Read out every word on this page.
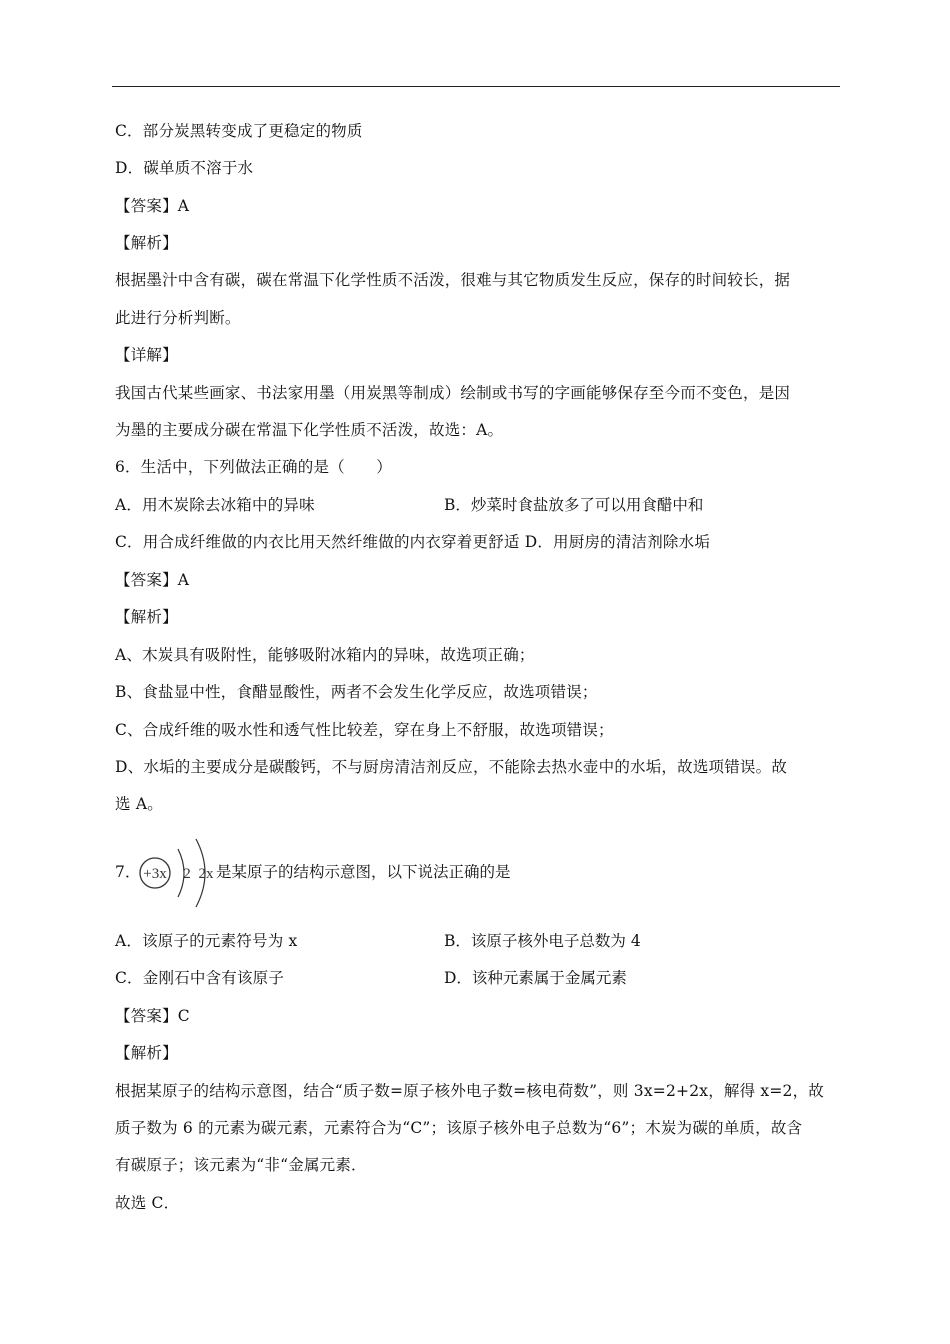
C．部分炭黑转变成了更稳定的物质
D．碳单质不溶于水
【答案】A
【解析】
根据墨汁中含有碳，碳在常温下化学性质不活泼，很难与其它物质发生反应，保存的时间较长，据
此进行分析判断。
【详解】
我国古代某些画家、书法家用墨（用炭黑等制成）绘制或书写的字画能够保存至今而不变色，是因
为墨的主要成分碳在常温下化学性质不活泼，故选：A。
6．生活中，下列做法正确的是（　　）
A．用木炭除去冰箱中的异味	B．炒菜时食盐放多了可以用食醋中和
C．用合成纤维做的内衣比用天然纤维做的内衣穿着更舒适 D．用厨房的清洁剂除水垢
【答案】A
【解析】
A、木炭具有吸附性，能够吸附冰箱内的异味，故选项正确；
B、食盐显中性，食醋显酸性，两者不会发生化学反应，故选项错误；
C、合成纤维的吸水性和透气性比较差，穿在身上不舒服，故选项错误；
D、水垢的主要成分是碳酸钙，不与厨房清洁剂反应，不能除去热水壶中的水垢，故选项错误。故
选 A。
7． +3x 2 2x 是某原子的结构示意图，以下说法正确的是
A．该原子的元素符号为 x	B．该原子核外电子总数为 4
C．金刚石中含有该原子	D．该种元素属于金属元素
【答案】C
【解析】
根据某原子的结构示意图，结合“质子数=原子核外电子数=核电荷数”，则 3x=2+2x，解得 x=2，故
质子数为 6 的元素为碳元素，元素符合为“C”；该原子核外电子总数为“6”；木炭为碳的单质，故含
有碳原子；该元素为“非“金属元素．
故选 C．
